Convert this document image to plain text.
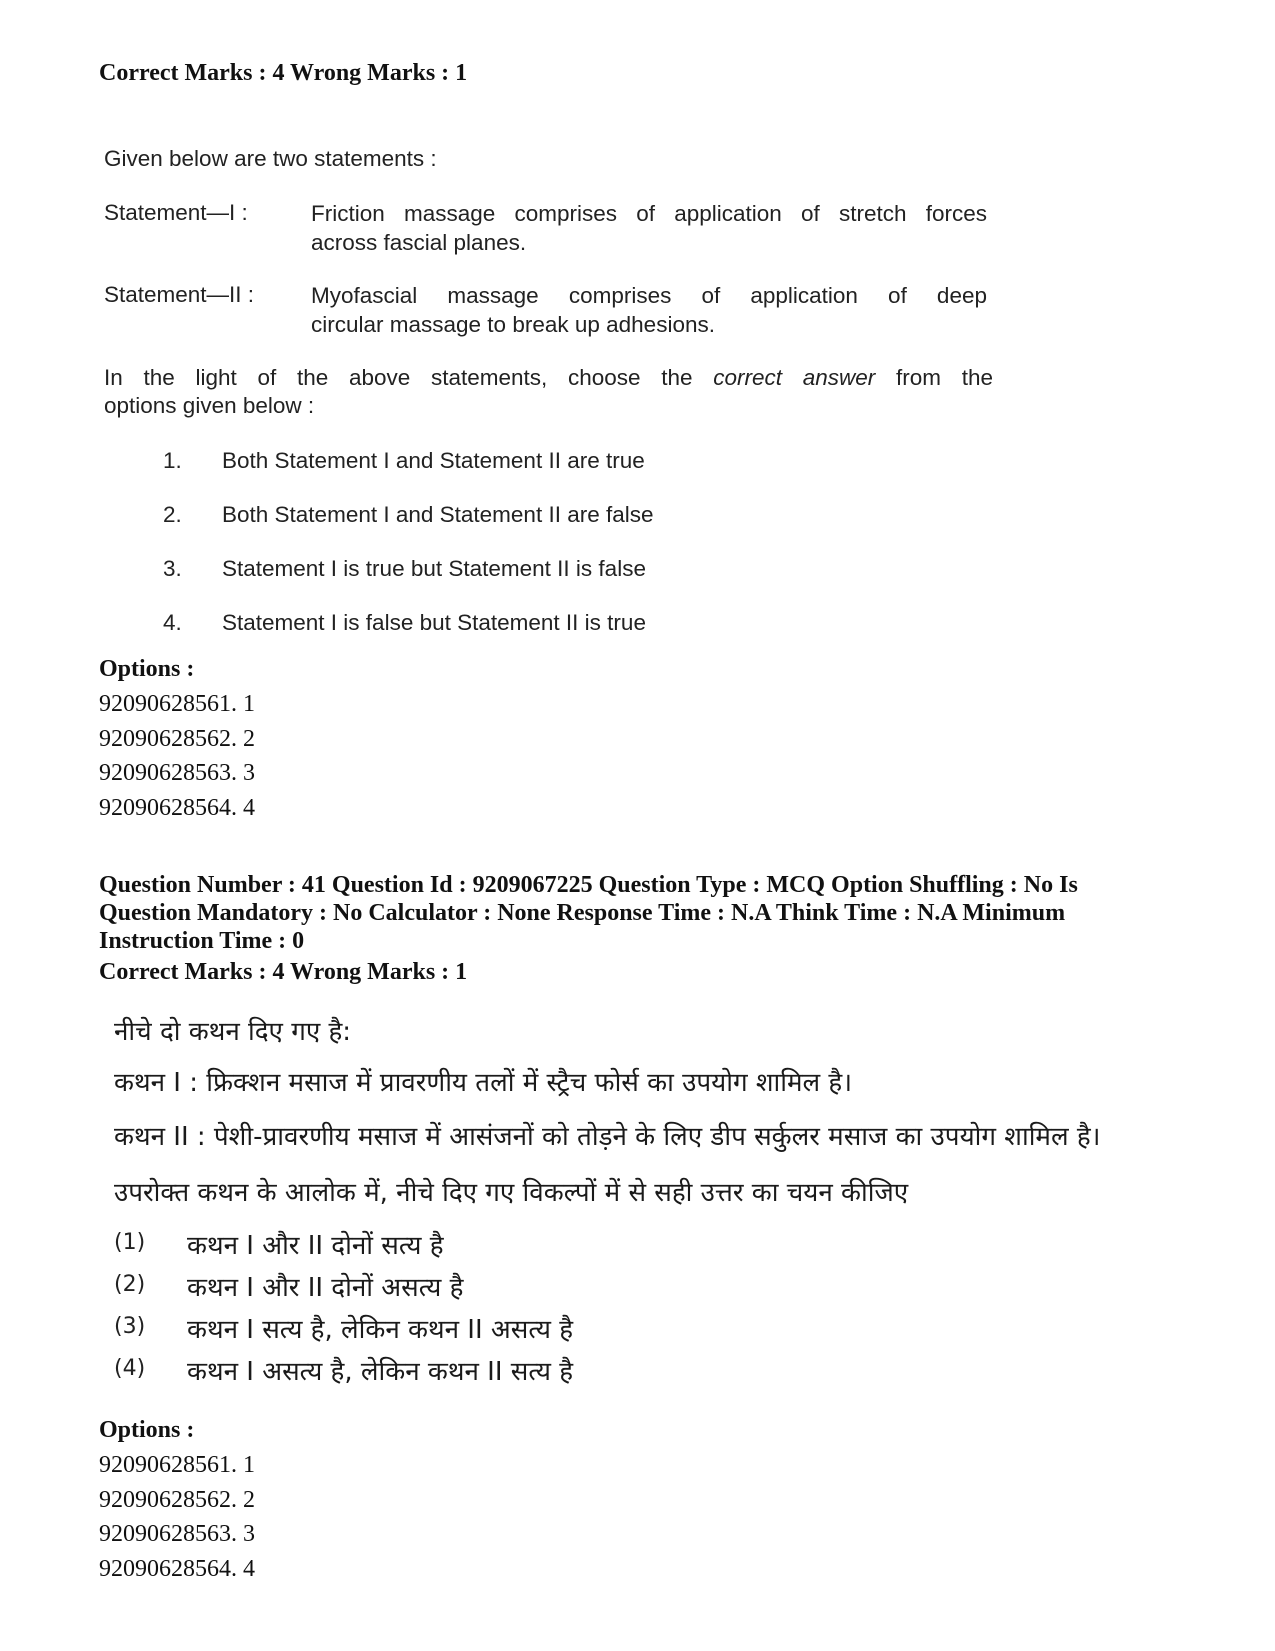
Correct Marks : 4 Wrong Marks : 1
Given below are two statements :
Statement—I :	Friction massage comprises of application of stretch forces
across fascial planes.
Statement—II :	Myofascial massage comprises of application of deep
circular massage to break up adhesions.
In the light of the above statements, choose the correct answer from the
options given below :
1. Both Statement I and Statement II are true
2. Both Statement I and Statement II are false
3. Statement I is true but Statement II is false
4. Statement I is false but Statement II is true
Options :
92090628561. 1
92090628562. 2
92090628563. 3
92090628564. 4
Question Number : 41 Question Id : 9209067225 Question Type : MCQ Option Shuffling : No Is
Question Mandatory : No Calculator : None Response Time : N.A Think Time : N.A Minimum
Instruction Time : 0
Correct Marks : 4 Wrong Marks : 1
नीचे दो कथन दिए गए है:
कथन I : फ्रिक्शन मसाज में प्रावरणीय तलों में स्ट्रैच फोर्स का उपयोग शामिल है।
कथन II : पेशी-प्रावरणीय मसाज में आसंजनों को तोड़ने के लिए डीप सर्कुलर मसाज का उपयोग शामिल है।
उपरोक्त कथन के आलोक में, नीचे दिए गए विकल्पों में से सही उत्तर का चयन कीजिए
(1) कथन I और II दोनों सत्य है
(2) कथन I और II दोनों असत्य है
(3) कथन I सत्य है, लेकिन कथन II असत्य है
(4) कथन I असत्य है, लेकिन कथन II सत्य है
Options :
92090628561. 1
92090628562. 2
92090628563. 3
92090628564. 4
